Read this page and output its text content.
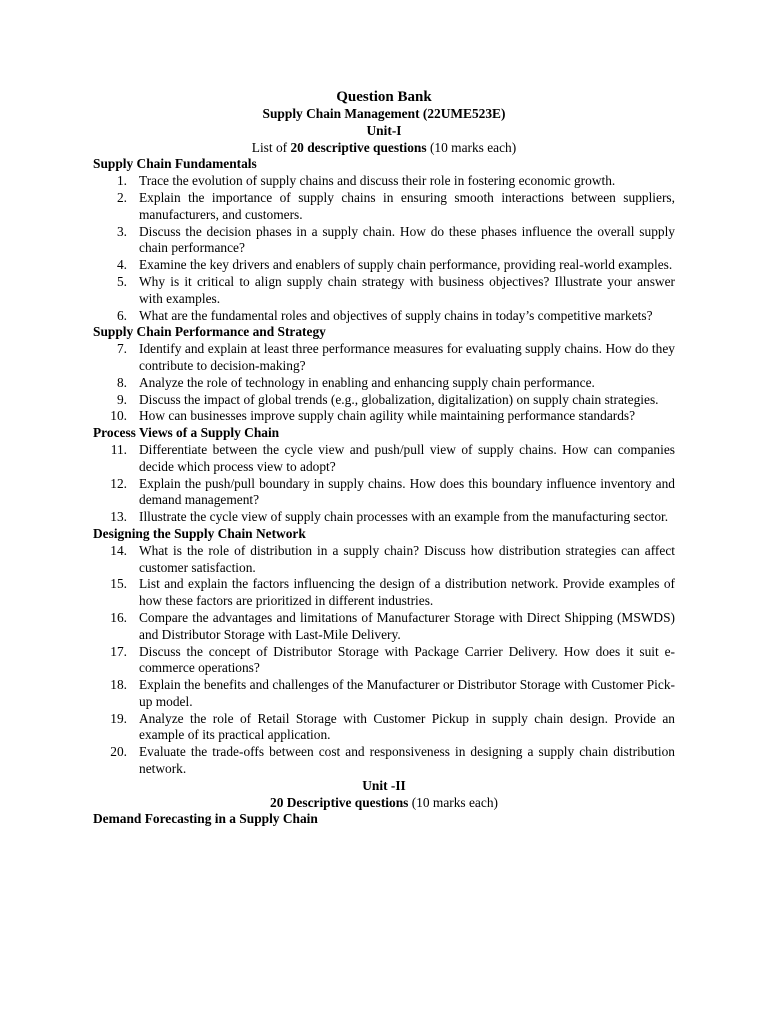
Question Bank
Supply Chain Management (22UME523E)
Unit-I
List of 20 descriptive questions (10 marks each)
Supply Chain Fundamentals
1. Trace the evolution of supply chains and discuss their role in fostering economic growth.
2. Explain the importance of supply chains in ensuring smooth interactions between suppliers, manufacturers, and customers.
3. Discuss the decision phases in a supply chain. How do these phases influence the overall supply chain performance?
4. Examine the key drivers and enablers of supply chain performance, providing real-world examples.
5. Why is it critical to align supply chain strategy with business objectives? Illustrate your answer with examples.
6. What are the fundamental roles and objectives of supply chains in today’s competitive markets?
Supply Chain Performance and Strategy
7. Identify and explain at least three performance measures for evaluating supply chains. How do they contribute to decision-making?
8. Analyze the role of technology in enabling and enhancing supply chain performance.
9. Discuss the impact of global trends (e.g., globalization, digitalization) on supply chain strategies.
10. How can businesses improve supply chain agility while maintaining performance standards?
Process Views of a Supply Chain
11. Differentiate between the cycle view and push/pull view of supply chains. How can companies decide which process view to adopt?
12. Explain the push/pull boundary in supply chains. How does this boundary influence inventory and demand management?
13. Illustrate the cycle view of supply chain processes with an example from the manufacturing sector.
Designing the Supply Chain Network
14. What is the role of distribution in a supply chain? Discuss how distribution strategies can affect customer satisfaction.
15. List and explain the factors influencing the design of a distribution network. Provide examples of how these factors are prioritized in different industries.
16. Compare the advantages and limitations of Manufacturer Storage with Direct Shipping (MSWDS) and Distributor Storage with Last-Mile Delivery.
17. Discuss the concept of Distributor Storage with Package Carrier Delivery. How does it suit e-commerce operations?
18. Explain the benefits and challenges of the Manufacturer or Distributor Storage with Customer Pick-up model.
19. Analyze the role of Retail Storage with Customer Pickup in supply chain design. Provide an example of its practical application.
20. Evaluate the trade-offs between cost and responsiveness in designing a supply chain distribution network.
Unit -II
20 Descriptive questions (10 marks each)
Demand Forecasting in a Supply Chain
